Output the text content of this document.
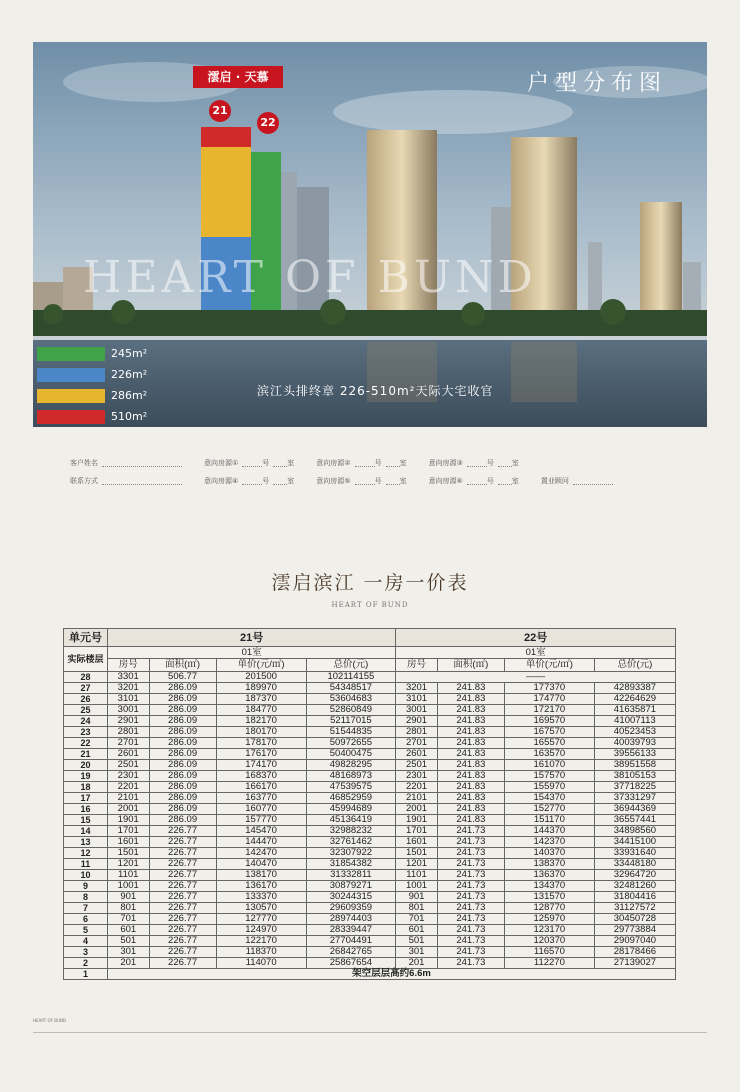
HEART OF BUND
户型分布图
澐启 · 天慕
21
22
245m²
226m²
286m²
510m²
滨江头排终章 226-510m²天际大宅收官
客户姓名	意向房源①	号	室	意向房源②	号	室	意向房源③	号	室
联系方式	意向房源④	号	室	意向房源⑤	号	室	意向房源⑥	号	室	置业顾问
澐启滨江 一房一价表
HEART OF BUND
单元号	21号				22号			
实际楼层	01室				01室			
	房号	面积(㎡)	单价(元/㎡)	总价(元)	房号	面积(㎡)	单价(元/㎡)	总价(元)
28	3301	506.77	201500	102114155	——			
27	3201	286.09	189970	54348517	3201	241.83	177370	42893387
26	3101	286.09	187370	53604683	3101	241.83	174770	42264629
25	3001	286.09	184770	52860849	3001	241.83	172170	41635871
24	2901	286.09	182170	52117015	2901	241.83	169570	41007113
23	2801	286.09	180170	51544835	2801	241.83	167570	40523453
22	2701	286.09	178170	50972655	2701	241.83	165570	40039793
21	2601	286.09	176170	50400475	2601	241.83	163570	39556133
20	2501	286.09	174170	49828295	2501	241.83	161070	38951558
19	2301	286.09	168370	48168973	2301	241.83	157570	38105153
18	2201	286.09	166170	47539575	2201	241.83	155970	37718225
17	2101	286.09	163770	46852959	2101	241.83	154370	37331297
16	2001	286.09	160770	45994689	2001	241.83	152770	36944369
15	1901	286.09	157770	45136419	1901	241.83	151170	36557441
14	1701	226.77	145470	32988232	1701	241.73	144370	34898560
13	1601	226.77	144470	32761462	1601	241.73	142370	34415100
12	1501	226.77	142470	32307922	1501	241.73	140370	33931640
11	1201	226.77	140470	31854382	1201	241.73	138370	33448180
10	1101	226.77	138170	31332811	1101	241.73	136370	32964720
9	1001	226.77	136170	30879271	1001	241.73	134370	32481260
8	901	226.77	133370	30244315	901	241.73	131570	31804416
7	801	226.77	130570	29609359	801	241.73	128770	31127572
6	701	226.77	127770	28974403	701	241.73	125970	30450728
5	601	226.77	124970	28339447	601	241.73	123170	29773884
4	501	226.77	122170	27704491	501	241.73	120370	29097040
3	301	226.77	118370	26842765	301	241.73	116570	28178466
2	201	226.77	114070	25867654	201	241.73	112270	27139027
1	架空层层高约6.6m							
HEART OF BUND
